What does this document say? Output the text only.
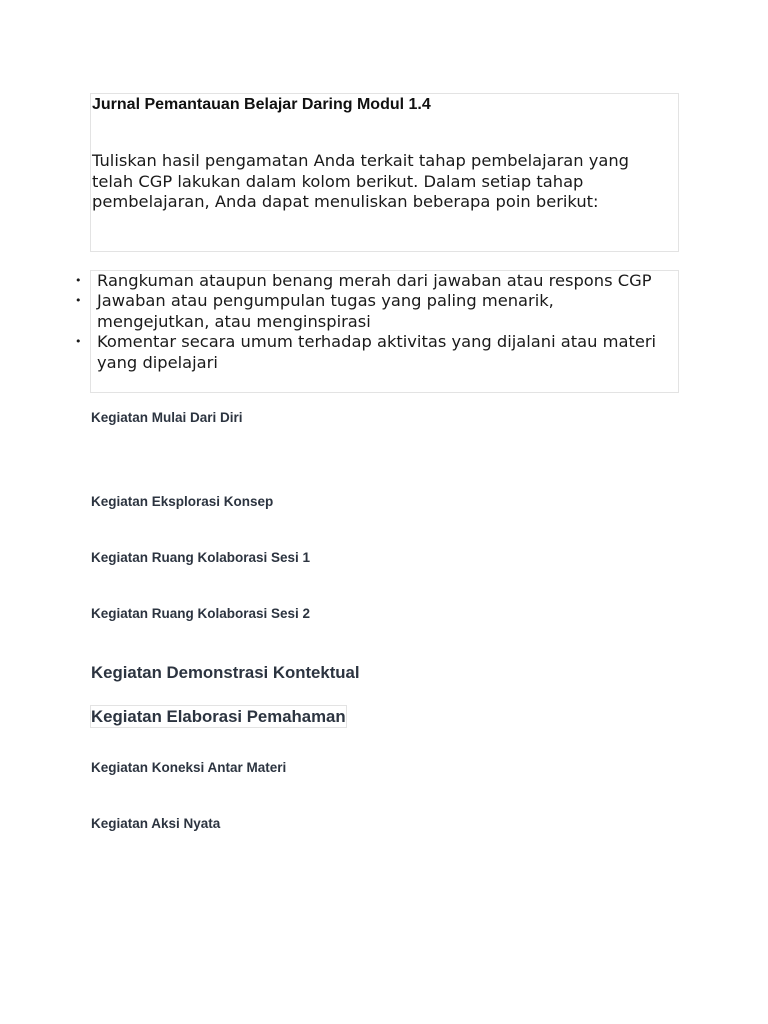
Jurnal Pemantauan Belajar Daring Modul 1.4

Tuliskan hasil pengamatan Anda terkait tahap pembelajaran yang telah CGP lakukan dalam kolom berikut. Dalam setiap tahap pembelajaran, Anda dapat menuliskan beberapa poin berikut:

• Rangkuman ataupun benang merah dari jawaban atau respons CGP
• Jawaban atau pengumpulan tugas yang paling menarik, mengejutkan, atau menginspirasi
• Komentar secara umum terhadap aktivitas yang dijalani atau materi yang dipelajari
Kegiatan Mulai Dari Diri
Kegiatan Eksplorasi Konsep
Kegiatan Ruang Kolaborasi Sesi 1
Kegiatan Ruang Kolaborasi Sesi 2
Kegiatan Demonstrasi Kontektual
Kegiatan Elaborasi Pemahaman
Kegiatan Koneksi Antar Materi
Kegiatan Aksi Nyata
